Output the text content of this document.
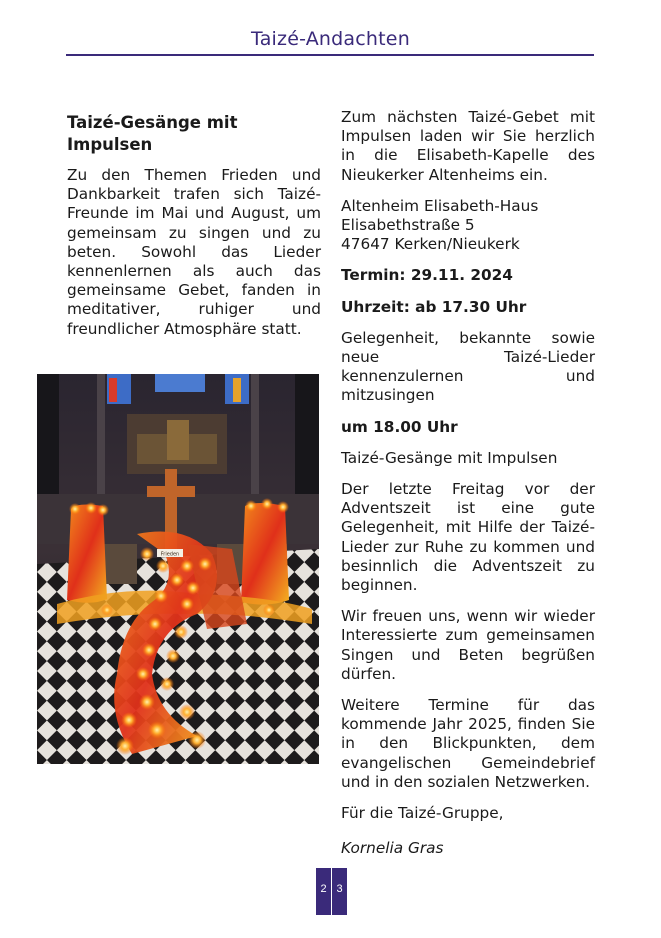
Taizé-Andachten
Taizé-Gesänge mit Impulsen

Zu den Themen Frieden und Dankbarkeit trafen sich Taizé-Freunde im Mai und August, um gemeinsam zu singen und zu beten. Sowohl das Lieder kennenlernen als auch das gemeinsame Gebet, fanden in meditativer, ruhiger und freundlicher Atmosphäre statt.

Frieden

Zum nächsten Taizé-Gebet mit Impulsen laden wir Sie herzlich in die Elisabeth-Kapelle des Nieukerker Altenheims ein.

Altenheim Elisabeth-Haus
Elisabethstraße 5
47647 Kerken/Nieukerk

Termin: 29.11. 2024

Uhrzeit: ab 17.30 Uhr

Gelegenheit, bekannte sowie neue Taizé-Lieder kennenzulernen und mitzusingen

um 18.00 Uhr

Taizé-Gesänge mit Impulsen

Der letzte Freitag vor der Adventszeit ist eine gute Gelegenheit, mit Hilfe der Taizé-Lieder zur Ruhe zu kommen und besinnlich die Adventszeit zu beginnen.

Wir freuen uns, wenn wir wieder Interessierte zum gemeinsamen Singen und Beten begrüßen dürfen.

Weitere Termine für das kommende Jahr 2025, finden Sie in den Blickpunkten, dem evangelischen Gemeindebrief und in den sozialen Netzwerken.

Für die Taizé-Gruppe,

Kornelia Gras

2 3
